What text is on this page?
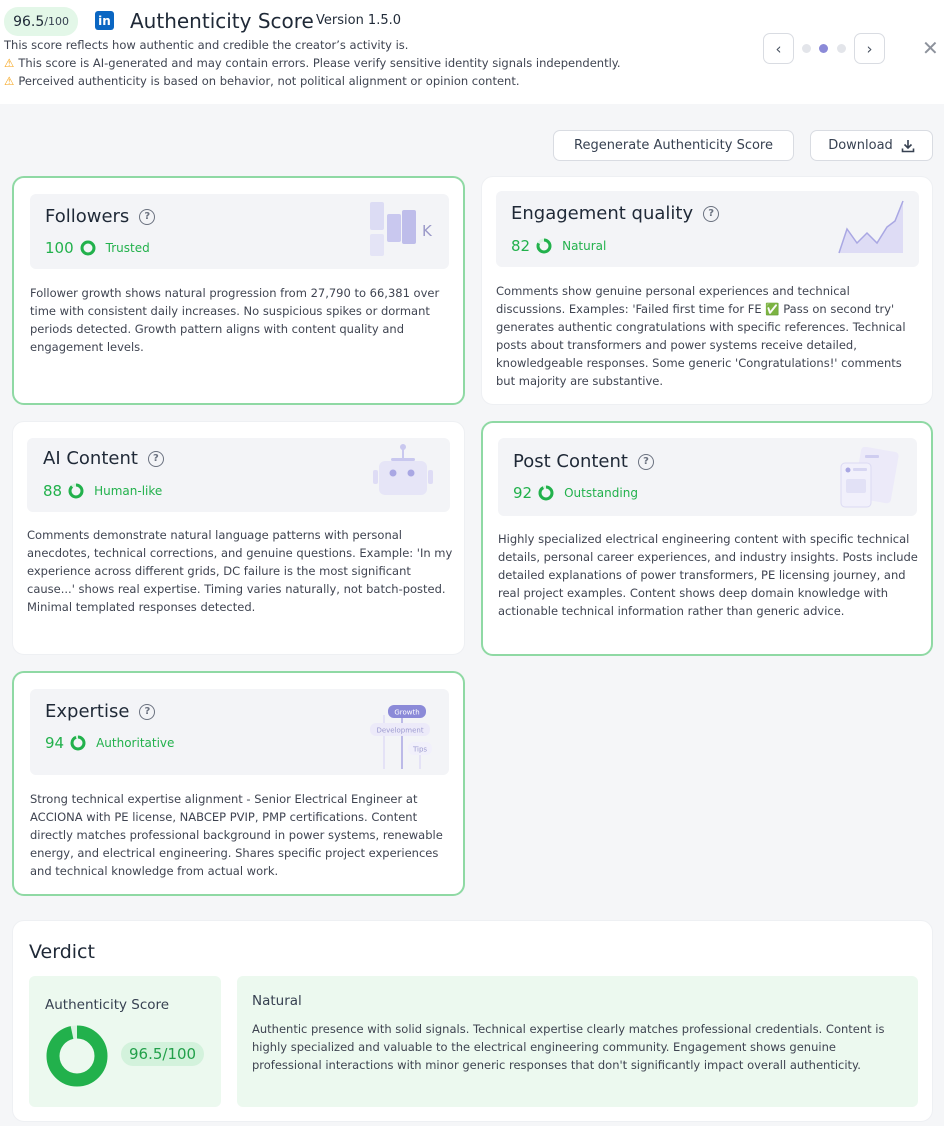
96.5 /100 in Authenticity Score Version 1.5.0
This score reflects how authentic and credible the creator’s activity is.
⚠ This score is AI-generated and may contain errors. Please verify sensitive identity signals independently.
⚠ Perceived authenticity is based on behavior, not political alignment or opinion content.
‹	› ✕
Regenerate Authenticity Score	Download
Followers	?
100	Trusted
K
Follower growth shows natural progression from 27,790 to 66,381 over time with consistent daily increases. No suspicious spikes or dormant periods detected. Growth pattern aligns with content quality and engagement levels.
Engagement quality	?
82	Natural
Comments show genuine personal experiences and technical discussions. Examples: 'Failed first time for FE ✅ Pass on second try' generates authentic congratulations with specific references. Technical posts about transformers and power systems receive detailed, knowledgeable responses. Some generic 'Congratulations!' comments but majority are substantive.
AI Content	?
88	Human-like
Comments demonstrate natural language patterns with personal anecdotes, technical corrections, and genuine questions. Example: 'In my experience across different grids, DC failure is the most significant cause...' shows real expertise. Timing varies naturally, not batch-posted. Minimal templated responses detected.
Post Content	?
92	Outstanding
Highly specialized electrical engineering content with specific technical details, personal career experiences, and industry insights. Posts include detailed explanations of power transformers, PE licensing journey, and real project examples. Content shows deep domain knowledge with actionable technical information rather than generic advice.
Expertise	?
94	Authoritative
Growth
Development
Tips
Strong technical expertise alignment - Senior Electrical Engineer at ACCIONA with PE license, NABCEP PVIP, PMP certifications. Content directly matches professional background in power systems, renewable energy, and electrical engineering. Shares specific project experiences and technical knowledge from actual work.
Verdict
Authenticity Score
96.5/100
Natural
Authentic presence with solid signals. Technical expertise clearly matches professional credentials. Content is highly specialized and valuable to the electrical engineering community. Engagement shows genuine professional interactions with minor generic responses that don't significantly impact overall authenticity.
